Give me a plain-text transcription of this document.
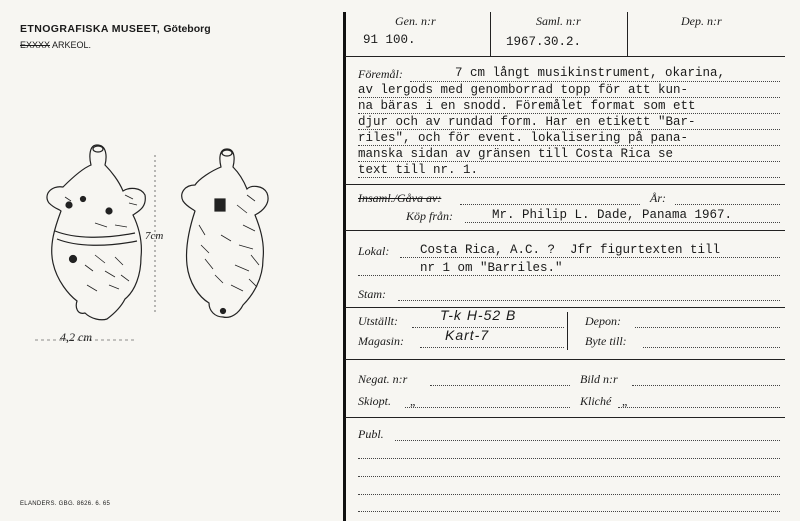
ETNOGRAFISKA MUSEET, Göteborg
EXXXX ARKEOL.
7cm
4,2 cm
ELANDERS. GBG. 8626. 6. 65
Gen. n:r
91 100.
Saml. n:r
1967.30.2.
Dep. n:r
Föremål:	7 cm långt musikinstrument, okarina,
av lergods med genomborrad topp för att kun-
na bäras i en snodd. Föremålet format som ett
djur och av rundad form. Har en etikett "Bar-
riles", och för event. lokalisering på pana-
manska sidan av gränsen till Costa Rica se
text till nr. 1.
Insaml./Gåva av:	År:
Köp från:	Mr. Philip L. Dade, Panama 1967.
Lokal: Costa Rica, A.C. ?  Jfr figurtexten till
nr 1 om "Barriles."
Stam:
Utställt:	T-k H-52 B	Depon:
Magasin:	Kart-7	Byte till:
Negat. n:r	Bild n:r
Skiopt. „	Kliché „
Publ.
